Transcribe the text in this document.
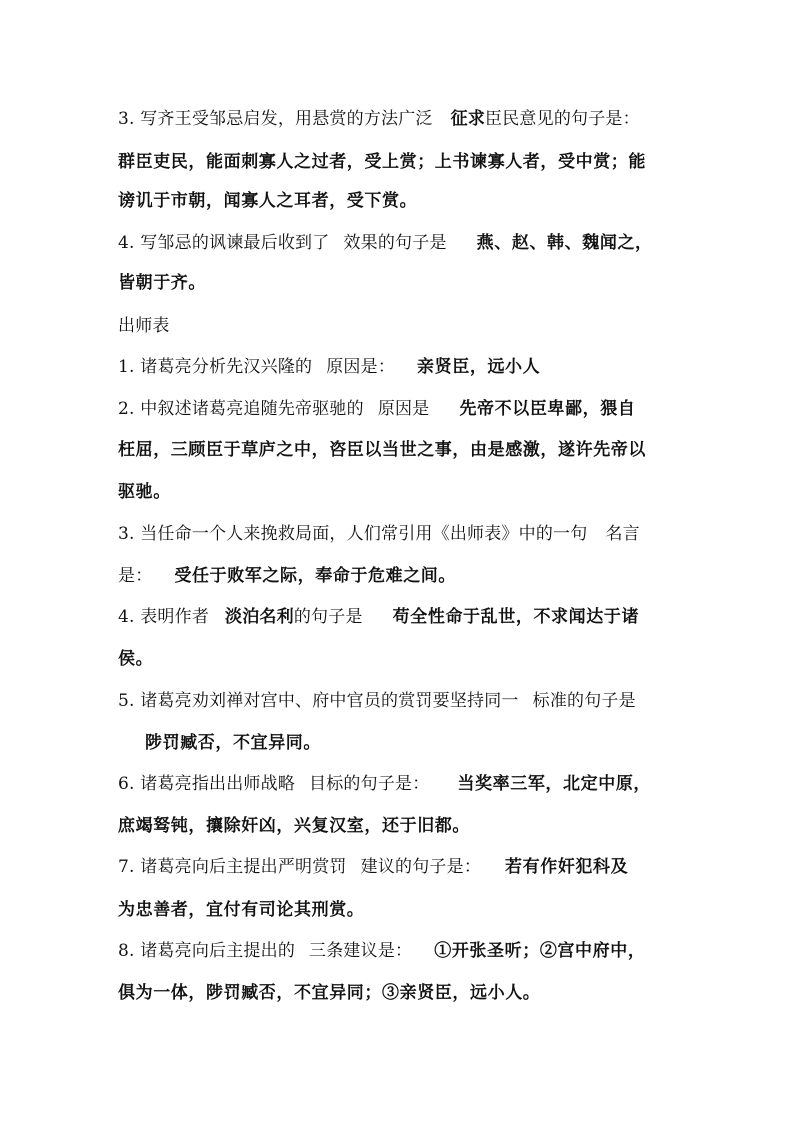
3. 写齐王受邹忌启发，用悬赏的方法广泛 征求臣民意见的句子是：
群臣吏民，能面刺寡人之过者，受上赏；上书谏寡人者，受中赏；能
谤讥于市朝，闻寡人之耳者，受下赏。
4. 写邹忌的讽谏最后收到了 效果的句子是 燕、赵、韩、魏闻之，
皆朝于齐。
出师表
1. 诸葛亮分析先汉兴隆的 原因是： 亲贤臣，远小人
2. 中叙述诸葛亮追随先帝驱驰的 原因是 先帝不以臣卑鄙，猥自
枉屈，三顾臣于草庐之中，咨臣以当世之事，由是感激，遂许先帝以
驱驰。
3. 当任命一个人来挽救局面，人们常引用《出师表》中的一句 名言
是： 受任于败军之际，奉命于危难之间。
4. 表明作者 淡泊名利的句子是 苟全性命于乱世，不求闻达于诸
侯。
5. 诸葛亮劝刘禅对宫中、府中官员的赏罚要坚持同一 标准的句子是
陟罚臧否，不宜异同。
6. 诸葛亮指出出师战略 目标的句子是： 当奖率三军，北定中原，
庶竭驽钝，攘除奸凶，兴复汉室，还于旧都。
7. 诸葛亮向后主提出严明赏罚 建议的句子是： 若有作奸犯科及
为忠善者，宜付有司论其刑赏。
8. 诸葛亮向后主提出的 三条建议是： ①开张圣听；②宫中府中，
俱为一体，陟罚臧否，不宜异同；③亲贤臣，远小人。
